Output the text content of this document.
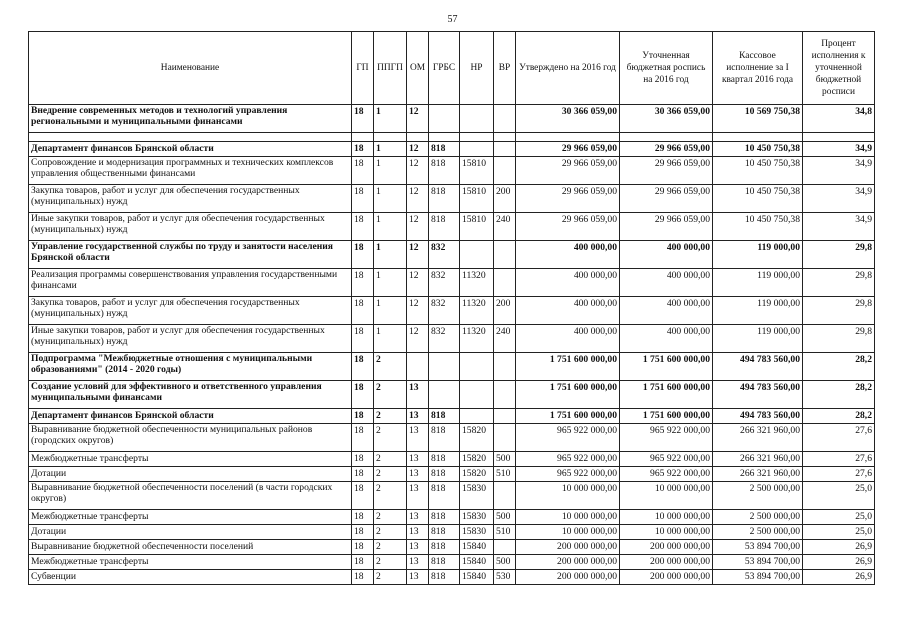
57
Наименование	ГП	ППГП	ОМ	ГРБС	НР	ВР	Утверждено на 2016 год	Уточненная бюджетная роспись на 2016 год	Кассовое исполнение за I квартал 2016 года	Процент исполнения к уточненной бюджетной росписи
Внедрение современных методов и технологий управления региональными и муниципальными финансами	18	1	12				30 366 059,00	30 366 059,00	10 569 750,38	34,8

Департамент финансов Брянской области	18	1	12	818			29 966 059,00	29 966 059,00	10 450 750,38	34,9
Сопровождение и модернизация программных и технических комплексов управления общественными финансами	18	1	12	818	15810		29 966 059,00	29 966 059,00	10 450 750,38	34,9
Закупка товаров, работ и услуг для обеспечения государственных (муниципальных) нужд	18	1	12	818	15810	200	29 966 059,00	29 966 059,00	10 450 750,38	34,9
Иные закупки товаров, работ и услуг для обеспечения государственных (муниципальных) нужд	18	1	12	818	15810	240	29 966 059,00	29 966 059,00	10 450 750,38	34,9
Управление государственной службы по труду и занятости населения Брянской области	18	1	12	832			400 000,00	400 000,00	119 000,00	29,8
Реализация программы совершенствования управления государственными финансами	18	1	12	832	11320		400 000,00	400 000,00	119 000,00	29,8
Закупка товаров, работ и услуг для обеспечения государственных (муниципальных) нужд	18	1	12	832	11320	200	400 000,00	400 000,00	119 000,00	29,8
Иные закупки товаров, работ и услуг для обеспечения государственных (муниципальных) нужд	18	1	12	832	11320	240	400 000,00	400 000,00	119 000,00	29,8
Подпрограмма "Межбюджетные отношения с муниципальными образованиями" (2014 - 2020 годы)	18	2					1 751 600 000,00	1 751 600 000,00	494 783 560,00	28,2
Создание условий для эффективного и ответственного управления муниципальными финансами	18	2	13				1 751 600 000,00	1 751 600 000,00	494 783 560,00	28,2
Департамент финансов Брянской области	18	2	13	818			1 751 600 000,00	1 751 600 000,00	494 783 560,00	28,2
Выравнивание бюджетной обеспеченности муниципальных районов (городских округов)	18	2	13	818	15820		965 922 000,00	965 922 000,00	266 321 960,00	27,6
Межбюджетные трансферты	18	2	13	818	15820	500	965 922 000,00	965 922 000,00	266 321 960,00	27,6
Дотации	18	2	13	818	15820	510	965 922 000,00	965 922 000,00	266 321 960,00	27,6
Выравнивание бюджетной обеспеченности поселений (в части городских округов)	18	2	13	818	15830		10 000 000,00	10 000 000,00	2 500 000,00	25,0
Межбюджетные трансферты	18	2	13	818	15830	500	10 000 000,00	10 000 000,00	2 500 000,00	25,0
Дотации	18	2	13	818	15830	510	10 000 000,00	10 000 000,00	2 500 000,00	25,0
Выравнивание бюджетной обеспеченности поселений	18	2	13	818	15840		200 000 000,00	200 000 000,00	53 894 700,00	26,9
Межбюджетные трансферты	18	2	13	818	15840	500	200 000 000,00	200 000 000,00	53 894 700,00	26,9
Субвенции	18	2	13	818	15840	530	200 000 000,00	200 000 000,00	53 894 700,00	26,9
